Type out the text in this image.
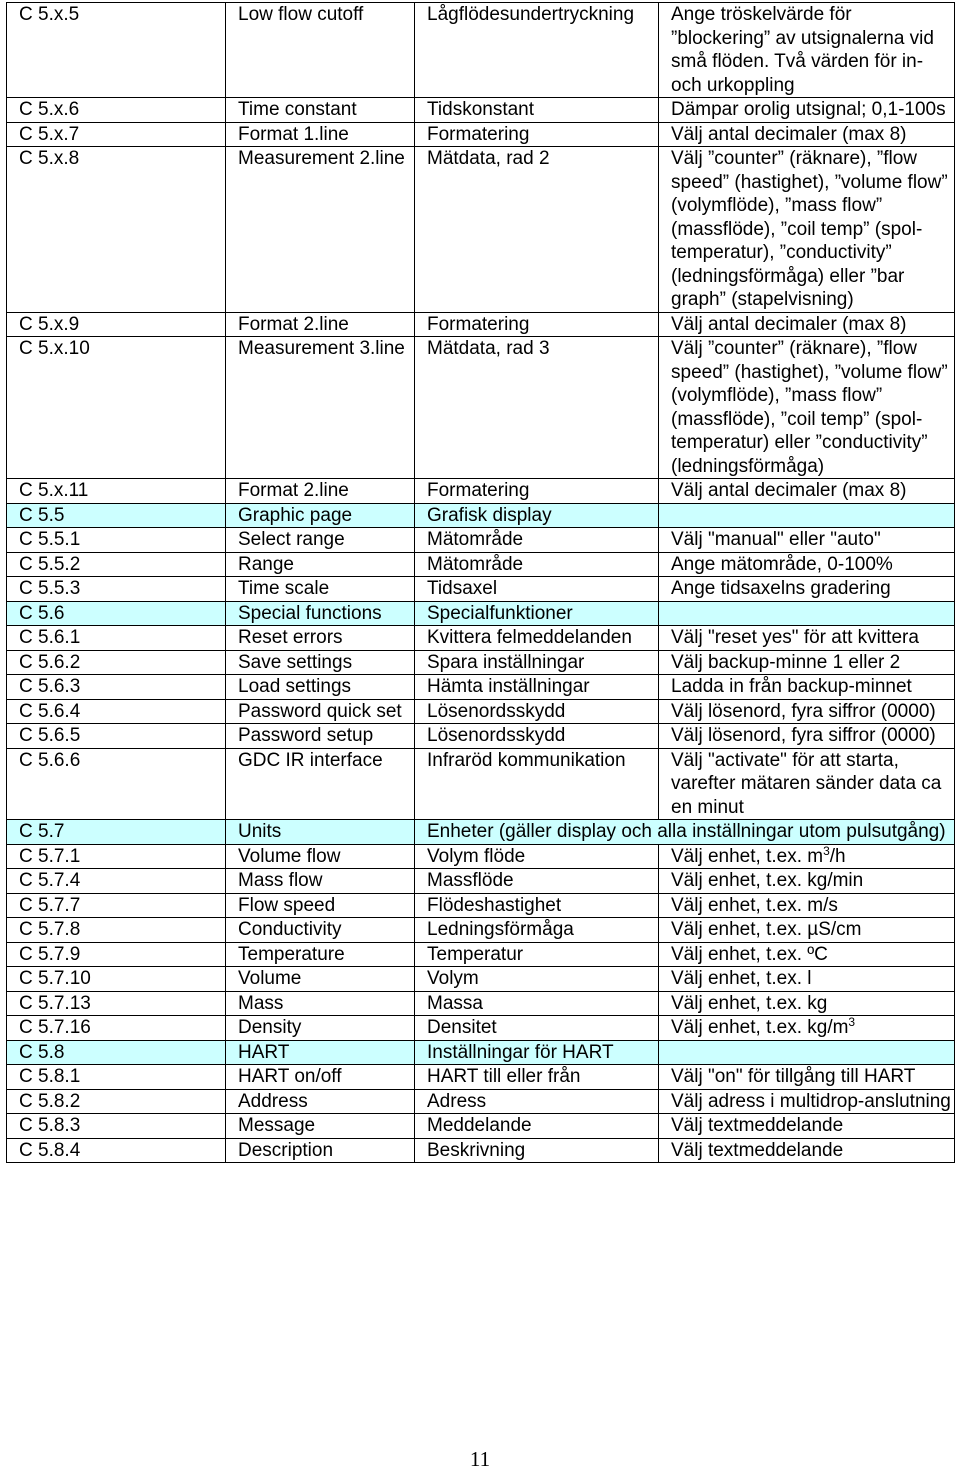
C 5.x.5	Low flow cutoff	Lågflödesundertryckning	Ange tröskelvärde för ”blockering” av utsignalerna vid små flöden. Två värden för in- och urkoppling
C 5.x.6	Time constant	Tidskonstant	Dämpar orolig utsignal; 0,1-100s
C 5.x.7	Format 1.line	Formatering	Välj antal decimaler (max 8)
C 5.x.8	Measurement 2.line	Mätdata, rad 2	Välj ”counter” (räknare), ”flow speed” (hastighet), ”volume flow” (volymflöde), ”mass flow” (massflöde), ”coil temp” (spol-temperatur), ”conductivity” (ledningsförmåga) eller ”bar graph” (stapelvisning)
C 5.x.9	Format 2.line	Formatering	Välj antal decimaler (max 8)
C 5.x.10	Measurement 3.line	Mätdata, rad 3	Välj ”counter” (räknare), ”flow speed” (hastighet), ”volume flow” (volymflöde), ”mass flow” (massflöde), ”coil temp” (spol-temperatur) eller ”conductivity” (ledningsförmåga)
C 5.x.11	Format 2.line	Formatering	Välj antal decimaler (max 8)
C 5.5	Graphic page	Grafisk display	
C 5.5.1	Select range	Mätområde	Välj "manual" eller "auto"
C 5.5.2	Range	Mätområde	Ange mätområde, 0-100%
C 5.5.3	Time scale	Tidsaxel	Ange tidsaxelns gradering
C 5.6	Special functions	Specialfunktioner	
C 5.6.1	Reset errors	Kvittera felmeddelanden	Välj "reset yes" för att kvittera
C 5.6.2	Save settings	Spara inställningar	Välj backup-minne 1 eller 2
C 5.6.3	Load settings	Hämta inställningar	Ladda in från backup-minnet
C 5.6.4	Password quick set	Lösenordsskydd	Välj lösenord, fyra siffror (0000)
C 5.6.5	Password setup	Lösenordsskydd	Välj lösenord, fyra siffror (0000)
C 5.6.6	GDC IR interface	Infraröd kommunikation	Välj "activate" för att starta, varefter mätaren sänder data ca en minut
C 5.7	Units	Enheter (gäller display och alla inställningar utom pulsutgång)	
C 5.7.1	Volume flow	Volym flöde	Välj enhet, t.ex. $m^3/h$
C 5.7.4	Mass flow	Massflöde	Välj enhet, t.ex. kg/min
C 5.7.7	Flow speed	Flödeshastighet	Välj enhet, t.ex. m/s
C 5.7.8	Conductivity	Ledningsförmåga	Välj enhet, t.ex. µS/cm
C 5.7.9	Temperature	Temperatur	Välj enhet, t.ex. ºC
C 5.7.10	Volume	Volym	Välj enhet, t.ex. l
C 5.7.13	Mass	Massa	Välj enhet, t.ex. kg
C 5.7.16	Density	Densitet	Välj enhet, t.ex. $kg/m^3$
C 5.8	HART	Inställningar för HART	
C 5.8.1	HART on/off	HART till eller från	Välj "on" för tillgång till HART
C 5.8.2	Address	Adress	Välj adress i multidrop-anslutning
C 5.8.3	Message	Meddelande	Välj textmeddelande
C 5.8.4	Description	Beskrivning	Välj textmeddelande
11
